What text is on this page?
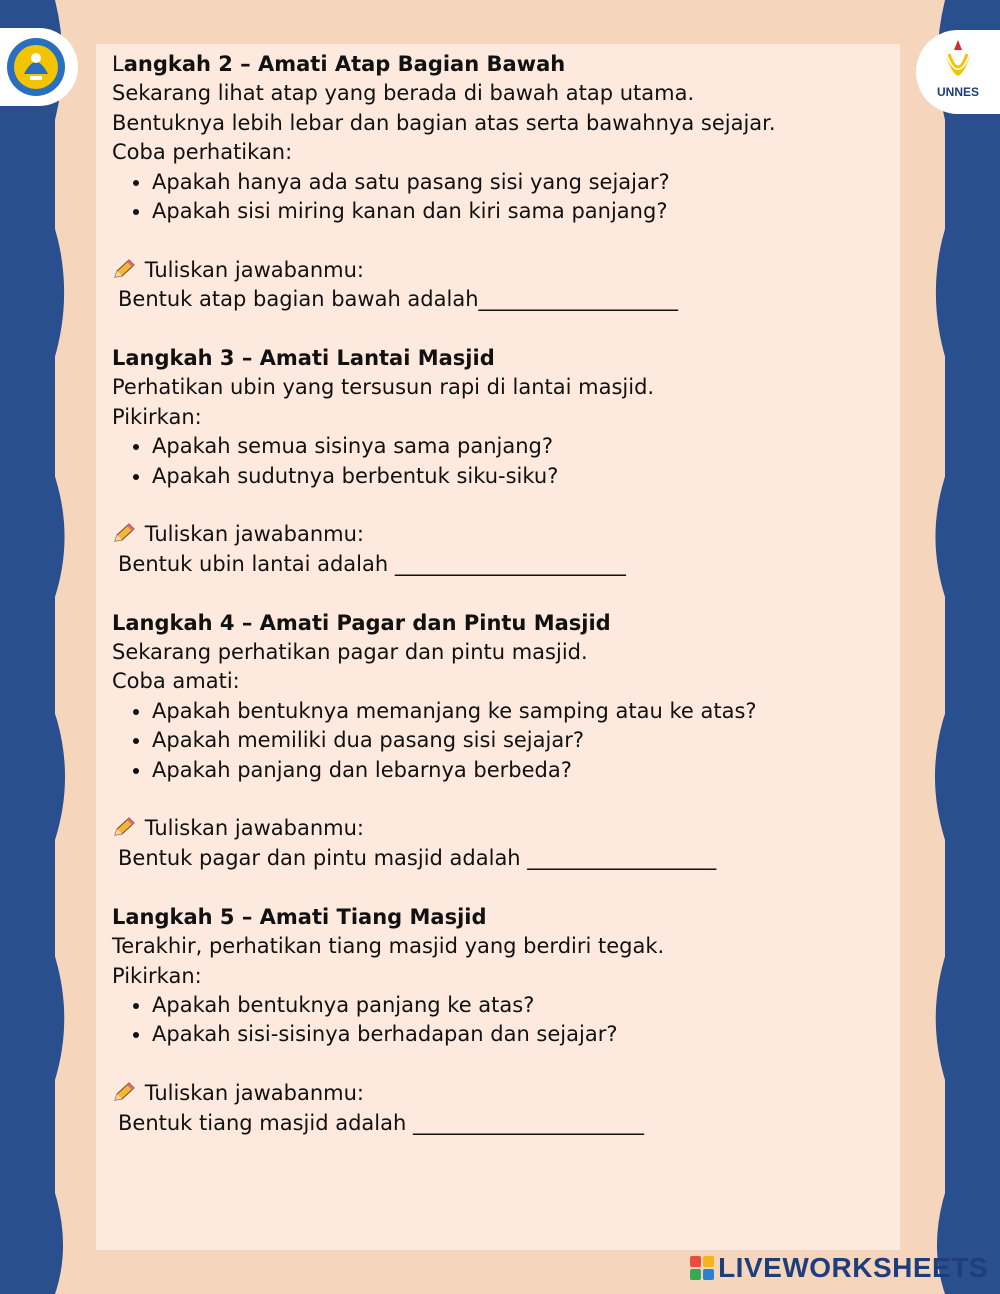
UNNES
Langkah 2 – Amati Atap Bagian Bawah
Sekarang lihat atap yang berada di bawah atap utama.
Bentuknya lebih lebar dan bagian atas serta bawahnya sejajar.
Coba perhatikan:
• Apakah hanya ada satu pasang sisi yang sejajar?
• Apakah sisi miring kanan dan kiri sama panjang?
Tuliskan jawabanmu:
Bentuk atap bagian bawah adalah___________________
Langkah 3 – Amati Lantai Masjid
Perhatikan ubin yang tersusun rapi di lantai masjid.
Pikirkan:
• Apakah semua sisinya sama panjang?
• Apakah sudutnya berbentuk siku-siku?
Tuliskan jawabanmu:
Bentuk ubin lantai adalah ______________________
Langkah 4 – Amati Pagar dan Pintu Masjid
Sekarang perhatikan pagar dan pintu masjid.
Coba amati:
• Apakah bentuknya memanjang ke samping atau ke atas?
• Apakah memiliki dua pasang sisi sejajar?
• Apakah panjang dan lebarnya berbeda?
Tuliskan jawabanmu:
Bentuk pagar dan pintu masjid adalah __________________
Langkah 5 – Amati Tiang Masjid
Terakhir, perhatikan tiang masjid yang berdiri tegak.
Pikirkan:
• Apakah bentuknya panjang ke atas?
• Apakah sisi-sisinya berhadapan dan sejajar?
Tuliskan jawabanmu:
Bentuk tiang masjid adalah ______________________
LIVEWORKSHEETS
